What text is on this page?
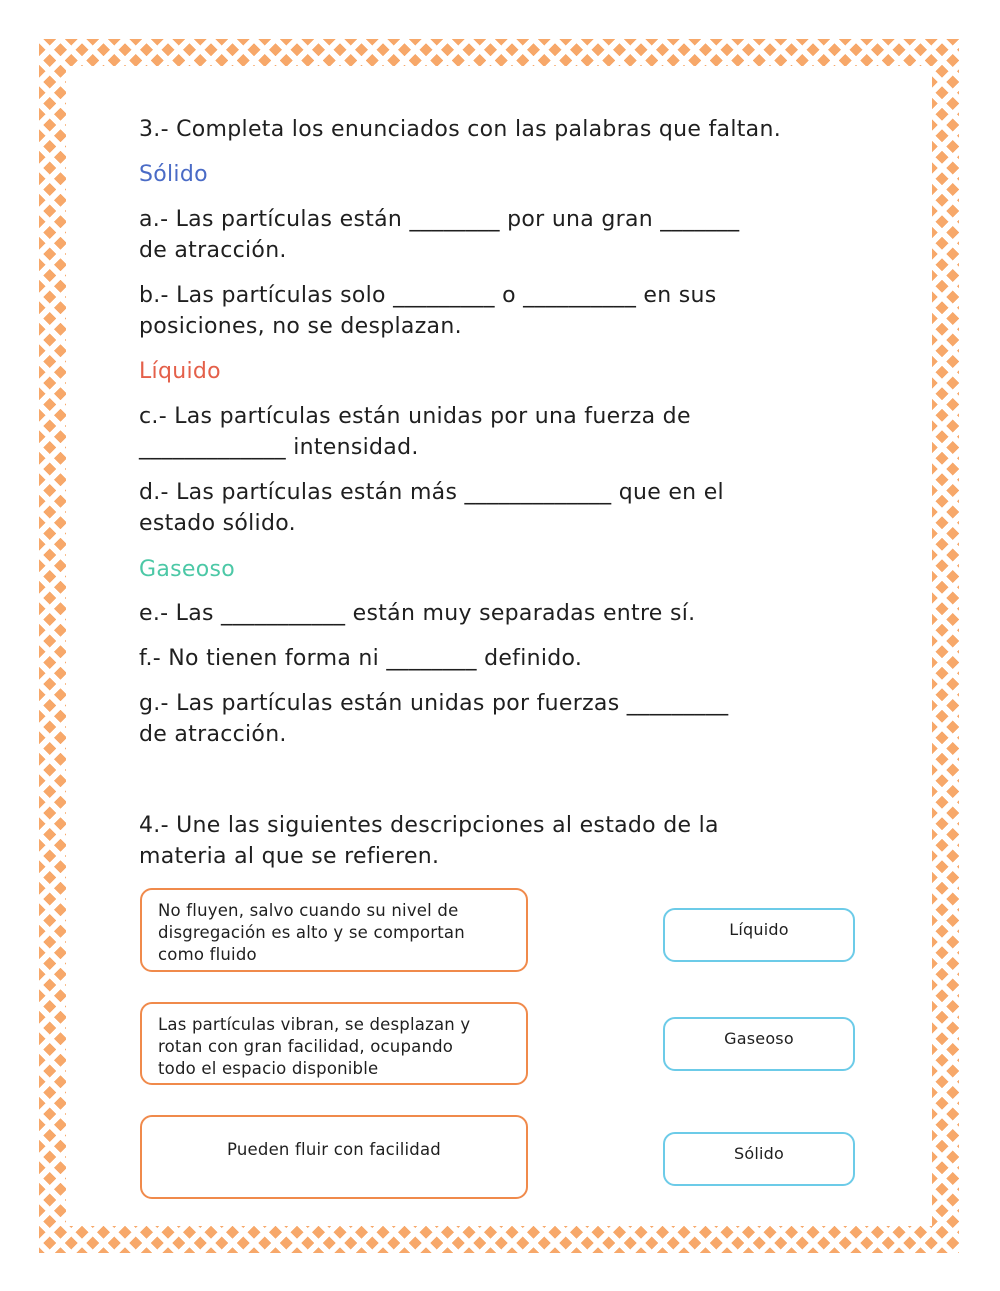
3.- Completa los enunciados con las palabras que faltan.
Sólido
a.- Las partículas están ________ por una gran _______
de atracción.
b.- Las partículas solo _________ o __________ en sus
posiciones, no se desplazan.
Líquido
c.- Las partículas están unidas por una fuerza de
_____________ intensidad.
d.- Las partículas están más _____________ que en el
estado sólido.
Gaseoso
e.- Las ___________ están muy separadas entre sí.
f.- No tienen forma ni ________ definido.
g.- Las partículas están unidas por fuerzas _________
de atracción.
4.- Une las siguientes descripciones al estado de la
materia al que se refieren.
No fluyen, salvo cuando su nivel de
disgregación es alto y se comportan
como fluido
Las partículas vibran, se desplazan y
rotan con gran facilidad, ocupando
todo el espacio disponible
Pueden fluir con facilidad
Líquido
Gaseoso
Sólido
